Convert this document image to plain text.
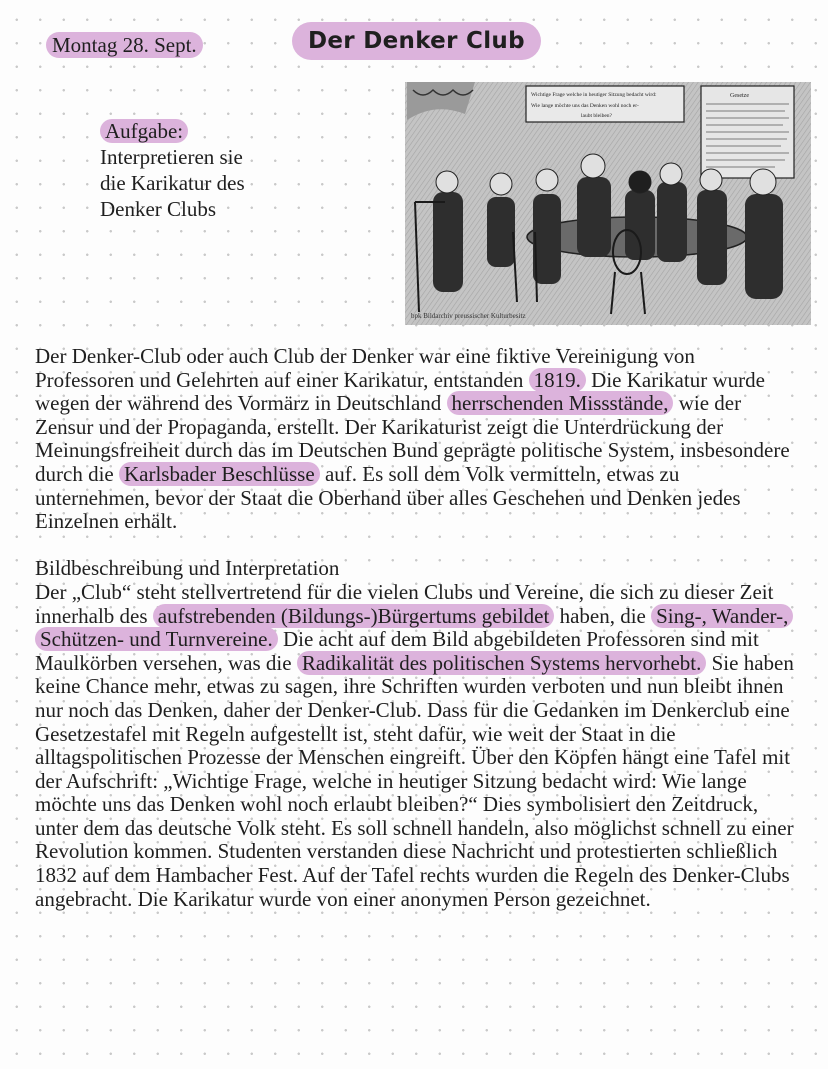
Montag 28. Sept.	Der Denker Club
Aufgabe:
Interpretieren sie
die Karikatur des
Denker Clubs
Wichtige Frage welche in heutiger Sitzung bedacht wird:
Wie lange möchte uns das Denken wohl noch er-
laubt bleiben?
Gesetze
bpk Bildarchiv preussischer Kulturbesitz

Der Denker-Club oder auch Club der Denker war eine fiktive Vereinigung von Professoren und Gelehrten auf einer Karikatur, entstanden 1819. Die Karikatur wurde wegen der während des Vormärz in Deutschland herrschenden Missstände, wie der Zensur und der Propaganda, erstellt. Der Karikaturist zeigt die Unterdrückung der Meinungsfreiheit durch das im Deutschen Bund geprägte politische System, insbesondere durch die Karlsbader Beschlüsse auf. Es soll dem Volk vermitteln, etwas zu unternehmen, bevor der Staat die Oberhand über alles Geschehen und Denken jedes Einzelnen erhält.

Bildbeschreibung und Interpretation
Der „Club“ steht stellvertretend für die vielen Clubs und Vereine, die sich zu dieser Zeit innerhalb des aufstrebenden (Bildungs-)Bürgertums gebildet haben, die Sing-, Wander-, Schützen- und Turnvereine. Die acht auf dem Bild abgebildeten Professoren sind mit Maulkörben versehen, was die Radikalität des politischen Systems hervorhebt. Sie haben keine Chance mehr, etwas zu sagen, ihre Schriften wurden verboten und nun bleibt ihnen nur noch das Denken, daher der Denker-Club. Dass für die Gedanken im Denkerclub eine Gesetzestafel mit Regeln aufgestellt ist, steht dafür, wie weit der Staat in die alltagspolitischen Prozesse der Menschen eingreift. Über den Köpfen hängt eine Tafel mit der Aufschrift: „Wichtige Frage, welche in heutiger Sitzung bedacht wird: Wie lange möchte uns das Denken wohl noch erlaubt bleiben?“ Dies symbolisiert den Zeitdruck, unter dem das deutsche Volk steht. Es soll schnell handeln, also möglichst schnell zu einer Revolution kommen. Studenten verstanden diese Nachricht und protestierten schließlich 1832 auf dem Hambacher Fest. Auf der Tafel rechts wurden die Regeln des Denker-Clubs angebracht. Die Karikatur wurde von einer anonymen Person gezeichnet.
